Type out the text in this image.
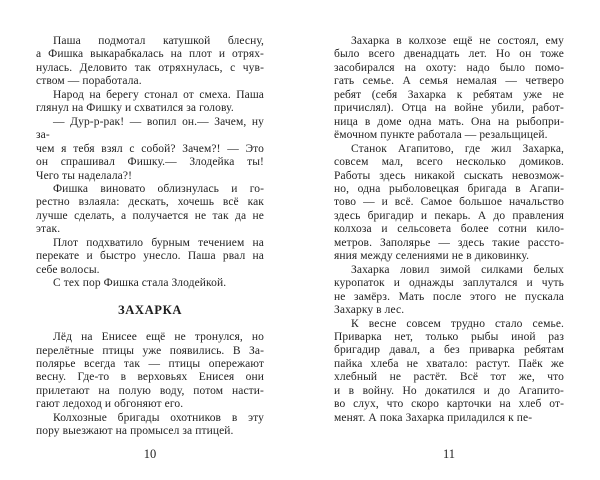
Паша подмотал катушкой блесну,
а Фишка выкарабкалась на плот и отрях-
нулась. Деловито так отряхнулась, с чув-
ством — поработала.
Народ на берегу стонал от смеха. Паша
глянул на Фишку и схватился за голову.
— Дур-р-рак! — вопил он.— Зачем, ну за-
чем я тебя взял с собой? Зачем?! — Это
он спрашивал Фишку.— Злодейка ты!
Чего ты наделала?!
Фишка виновато облизнулась и го-
рестно взлаяла: дескать, хочешь всё как
лучше сделать, а получается не так да не
этак.
Плот подхватило бурным течением на
перекате и быстро унесло. Паша рвал на
себе волосы.
С тех пор Фишка стала Злодейкой.
ЗАХАРКА
Лёд на Енисее ещё не тронулся, но
перелётные птицы уже появились. В За-
полярье всегда так — птицы опережают
весну. Где-то в верховьях Енисея они
прилетают на полую воду, потом насти-
гают ледоход и обгоняют его.
Колхозные бригады охотников в эту
пору выезжают на промысел за птицей.
10
Захарка в колхозе ещё не состоял, ему
было всего двенадцать лет. Но он тоже
засобирался на охоту: надо было помо-
гать семье. А семья немалая — четверо
ребят (себя Захарка к ребятам уже не
причислял). Отца на войне убили, работ-
ница в доме одна мать. Она на рыбопри-
ёмочном пункте работала — резальщицей.
Станок Агапитово, где жил Захарка,
совсем мал, всего несколько домиков.
Работы здесь никакой сыскать невозмож-
но, одна рыболовецкая бригада в Агапи-
тово — и всё. Самое большое начальство
здесь бригадир и пекарь. А до правления
колхоза и сельсовета более сотни кило-
метров. Заполярье — здесь такие рассто-
яния между селениями не в диковинку.
Захарка ловил зимой силками белых
куропаток и однажды заплутался и чуть
не замёрз. Мать после этого не пускала
Захарку в лес.
К весне совсем трудно стало семье.
Приварка нет, только рыбы иной раз
бригадир давал, а без приварка ребятам
пайка хлеба не хватало: растут. Паёк же
хлебный не растёт. Всё тот же, что
и в войну. Но докатился и до Агапито-
во слух, что скоро карточки на хлеб от-
менят. А пока Захарка приладился к пе-
11
